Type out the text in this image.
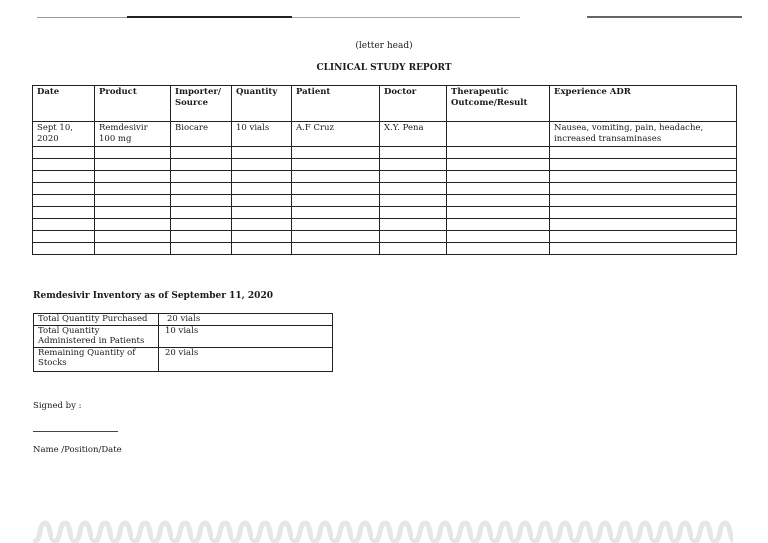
(letter head)
CLINICAL STUDY REPORT
Date	Product	Importer/ Source	Quantity	Patient	Doctor	Therapeutic Outcome/Result	Experience ADR
Sept 10, 2020	Remdesivir 100 mg	Biocare	10 vials	A.F Cruz	X.Y. Pena		Nausea, vomiting, pain, headache, increased transaminases

Remdesivir Inventory as of September 11, 2020
Total Quantity Purchased	20 vials
Total Quantity Administered in Patients	10 vials
Remaining Quantity of Stocks	20 vials
Signed by :
Name /Position/Date
